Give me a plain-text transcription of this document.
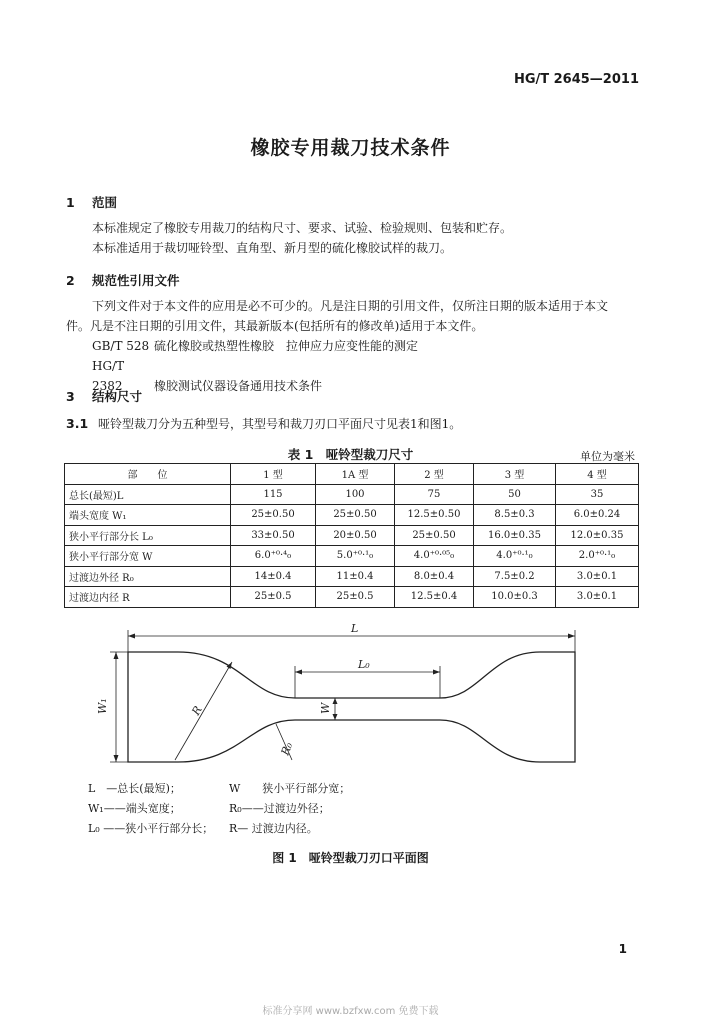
HG/T 2645—2011
橡胶专用裁刀技术条件
1 范围
本标准规定了橡胶专用裁刀的结构尺寸、要求、试验、检验规则、包装和贮存。
本标准适用于裁切哑铃型、直角型、新月型的硫化橡胶试样的裁刀。
2 规范性引用文件
下列文件对于本文件的应用是必不可少的。凡是注日期的引用文件，仅所注日期的版本适用于本文
件。凡是不注日期的引用文件，其最新版本(包括所有的修改单)适用于本文件。
GB/T 528 硫化橡胶或热塑性橡胶　拉伸应力应变性能的测定
HG/T 2382	橡胶测试仪器设备通用技术条件
3 结构尺寸
3.1 哑铃型裁刀分为五种型号，其型号和裁刀刃口平面尺寸见表1和图1。
表 1　哑铃型裁刀尺寸	单位为毫米
部　　位	1 型	1A 型	2 型	3 型	4 型
总长(最短)L	115	100	75	50	35
端头宽度 W₁	25±0.50	25±0.50	12.5±0.50	8.5±0.3	6.0±0.24
狭小平行部分长 L₀	33±0.50	20±0.50	25±0.50	16.0±0.35	12.0±0.35
狭小平行部分宽 W	6.0⁺⁰·⁴₀	5.0⁺⁰·¹₀	4.0⁺⁰·⁰⁵₀	4.0⁺⁰·¹₀	2.0⁺⁰·¹₀
过渡边外径 R₀	14±0.4	11±0.4	8.0±0.4	7.5±0.2	3.0±0.1
过渡边内径 R	25±0.5	25±0.5	12.5±0.4	10.0±0.3	3.0±0.1
L
L₀
W₁	W
R
R₀
L　—总长(最短)；
W₁——端头宽度；
L₀ ——狭小平行部分长；
W　　狭小平行部分宽；
R₀——过渡边外径；
R— 过渡边内径。
图 1　哑铃型裁刀刃口平面图
1
标准分享网 www.bzfxw.com 免费下载
